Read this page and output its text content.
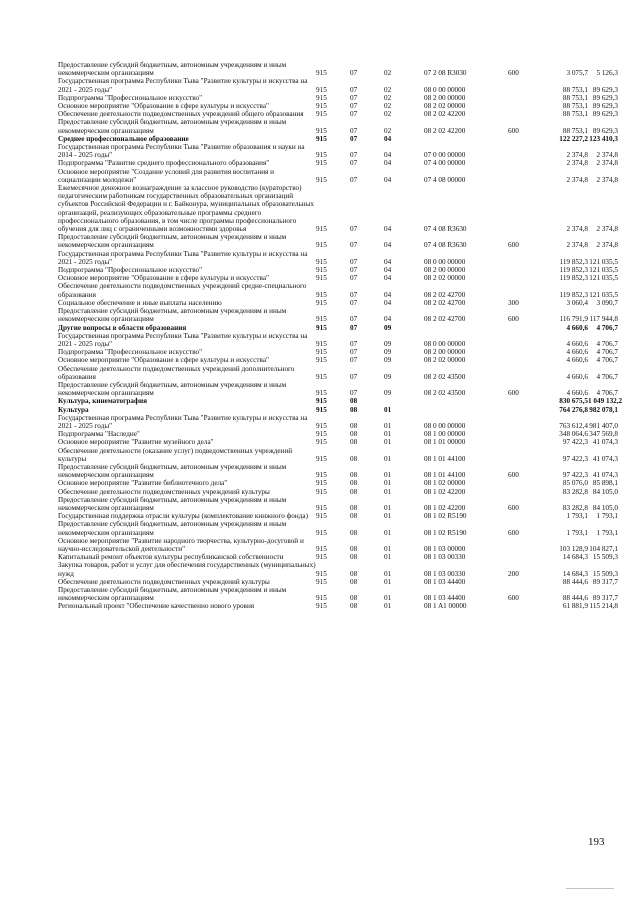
Предоставление субсидий бюджетным, автономным учреждениям и иным некоммерческим организациям	915	07	02	07 2 08 R3030	600	3 075,7	5 126,3
Государственная программа Республики Тыва "Развитие культуры и искусства на 2021 - 2025 годы"	915	07	02	08 0 00 00000		88 753,1	89 629,3
Подпрограмма "Профессиональное искусство"	915	07	02	08 2 00 00000		88 753,1	89 629,3
Основное мероприятие "Образование в сфере культуры и искусства"	915	07	02	08 2 02 00000		88 753,1	89 629,3
Обеспечение деятельности подведомственных учреждений общего образования	915	07	02	08 2 02 42200		88 753,1	89 629,3
Предоставление субсидий бюджетным, автономным учреждениям и иным некоммерческим организациям	915	07	02	08 2 02 42200	600	88 753,1	89 629,3
Среднее профессиональное образование	915	07	04			122 227,2	123 410,3
Государственная программа Республики Тыва "Развитие образования и науки на 2014 - 2025 годы"	915	07	04	07 0 00 00000		2 374,8	2 374,8
Подпрограмма "Развитие среднего профессионального образования"	915	07	04	07 4 00 00000		2 374,8	2 374,8
Основное мероприятие "Создание условий для развития воспитания и социализации молодежи"	915	07	04	07 4 08 00000		2 374,8	2 374,8
Ежемесячное денежное вознаграждение за классное руководство (кураторство) педагогическим работникам государственных образовательных организаций субъектов Российской Федерации и г. Байконура, муниципальных образовательных организаций, реализующих образовательные программы среднего профессионального образования, в том числе программы профессионального обучения для лиц с ограниченными возможностями здоровья	915	07	04	07 4 08 R3630		2 374,8	2 374,8
Предоставление субсидий бюджетным, автономным учреждениям и иным некоммерческим организациям	915	07	04	07 4 08 R3630	600	2 374,8	2 374,8
Государственная программа Республики Тыва "Развитие культуры и искусства на 2021 - 2025 годы"	915	07	04	08 0 00 00000		119 852,3	121 035,5
Подпрограмма "Профессиональное искусство"	915	07	04	08 2 00 00000		119 852,3	121 035,5
Основное мероприятие "Образование в сфере культуры и искусства"	915	07	04	08 2 02 00000		119 852,3	121 035,5
Обеспечение деятельности подведомственных учреждений средне-специального образования	915	07	04	08 2 02 42700		119 852,3	121 035,5
Социальное обеспечение и иные выплаты населению	915	07	04	08 2 02 42700	300	3 060,4	3 090,7
Предоставление субсидий бюджетным, автономным учреждениям и иным некоммерческим организациям	915	07	04	08 2 02 42700	600	116 791,9	117 944,8
Другие вопросы в области образования	915	07	09			4 660,6	4 706,7
Государственная программа Республики Тыва "Развитие культуры и искусства на 2021 - 2025 годы"	915	07	09	08 0 00 00000		4 660,6	4 706,7
Подпрограмма "Профессиональное искусство"	915	07	09	08 2 00 00000		4 660,6	4 706,7
Основное мероприятие "Образование в сфере культуры и искусства"	915	07	09	08 2 02 00000		4 660,6	4 706,7
Обеспечение деятельности подведомственных учреждений дополнительного образования	915	07	09	08 2 02 43500		4 660,6	4 706,7
Предоставление субсидий бюджетным, автономным учреждениям и иным некоммерческим организациям	915	07	09	08 2 02 43500	600	4 660,6	4 706,7
Культура, кинематография	915	08				830 675,5	1 049 132,2
Культура	915	08	01			764 276,8	982 078,1
Государственная программа Республики Тыва "Развитие культуры и искусства на 2021 - 2025 годы"	915	08	01	08 0 00 00000		763 612,4	981 407,0
Подпрограмма "Наследие"	915	08	01	08 1 00 00000		348 064,6	347 569,8
Основное мероприятие "Развитие музейного дела"	915	08	01	08 1 01 00000		97 422,3	41 074,3
Обеспечение деятельности (оказание услуг) подведомственных учреждений культуры	915	08	01	08 1 01 44100		97 422,3	41 074,3
Предоставление субсидий бюджетным, автономным учреждениям и иным некоммерческим организациям	915	08	01	08 1 01 44100	600	97 422,3	41 074,3
Основное мероприятие "Развитие библиотечного дела"	915	08	01	08 1 02 00000		85 076,0	85 898,1
Обеспечение деятельности подведомственных учреждений культуры	915	08	01	08 1 02 42200		83 282,8	84 105,0
Предоставление субсидий бюджетным, автономным учреждениям и иным некоммерческим организациям	915	08	01	08 1 02 42200	600	83 282,8	84 105,0
Государственная поддержка отрасли культуры (комплектование книжного фонда)	915	08	01	08 1 02 R5190		1 793,1	1 793,1
Предоставление субсидий бюджетным, автономным учреждениям и иным некоммерческим организациям	915	08	01	08 1 02 R5190	600	1 793,1	1 793,1
Основное мероприятие "Развитие народного творчества, культурно-досуговой и научно-исследовательской деятельности"	915	08	01	08 1 03 00000		103 128,9	104 827,1
Капитальный ремонт объектов культуры республиканской собственности	915	08	01	08 1 03 00330		14 684,3	15 509,3
Закупка товаров, работ и услуг для обеспечения государственных (муниципальных) нужд	915	08	01	08 1 03 00330	200	14 684,3	15 509,3
Обеспечение деятельности подведомственных учреждений культуры	915	08	01	08 1 03 44400		88 444,6	89 317,7
Предоставление субсидий бюджетным, автономным учреждениям и иным некоммерческим организациям	915	08	01	08 1 03 44400	600	88 444,6	89 317,7
Региональный проект "Обеспечение качественно нового уровня	915	08	01	08 1 A1 00000		61 881,9	115 214,8
193
